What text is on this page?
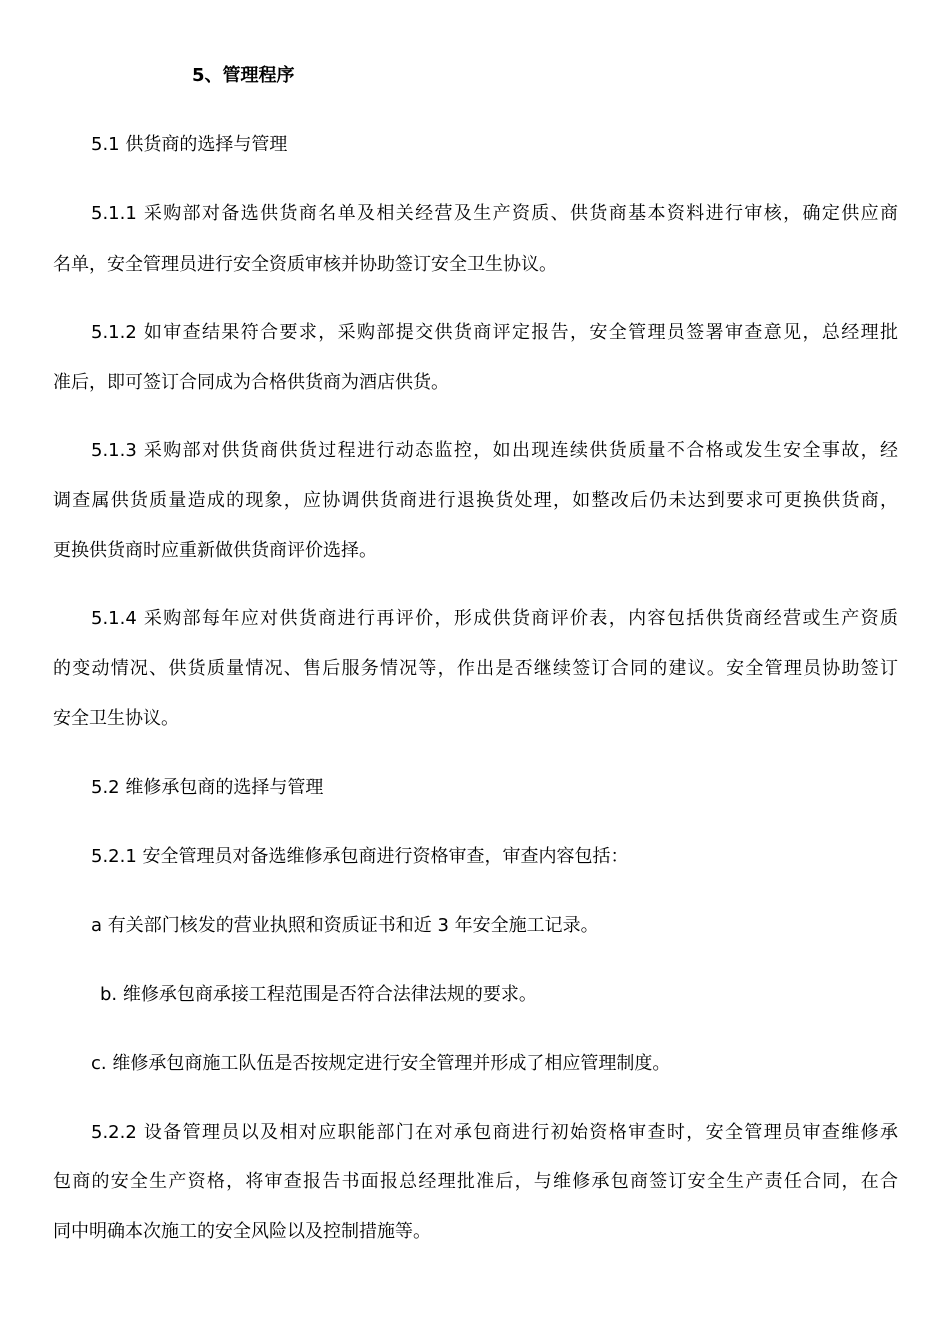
5、管理程序
5.1 供货商的选择与管理
5.1.1 采购部对备选供货商名单及相关经营及生产资质、供货商基本资料进行审核，确定供应商
名单，安全管理员进行安全资质审核并协助签订安全卫生协议。
5.1.2 如审查结果符合要求，采购部提交供货商评定报告，安全管理员签署审查意见，总经理批
准后，即可签订合同成为合格供货商为酒店供货。
5.1.3 采购部对供货商供货过程进行动态监控，如出现连续供货质量不合格或发生安全事故，经
调查属供货质量造成的现象，应协调供货商进行退换货处理，如整改后仍未达到要求可更换供货商，
更换供货商时应重新做供货商评价选择。
5.1.4 采购部每年应对供货商进行再评价，形成供货商评价表，内容包括供货商经营或生产资质
的变动情况、供货质量情况、售后服务情况等，作出是否继续签订合同的建议。安全管理员协助签订
安全卫生协议。
5.2 维修承包商的选择与管理
5.2.1 安全管理员对备选维修承包商进行资格审查，审查内容包括：
a 有关部门核发的营业执照和资质证书和近 3 年安全施工记录。
b. 维修承包商承接工程范围是否符合法律法规的要求。
c. 维修承包商施工队伍是否按规定进行安全管理并形成了相应管理制度。
5.2.2 设备管理员以及相对应职能部门在对承包商进行初始资格审查时，安全管理员审查维修承
包商的安全生产资格，将审查报告书面报总经理批准后，与维修承包商签订安全生产责任合同，在合
同中明确本次施工的安全风险以及控制措施等。
